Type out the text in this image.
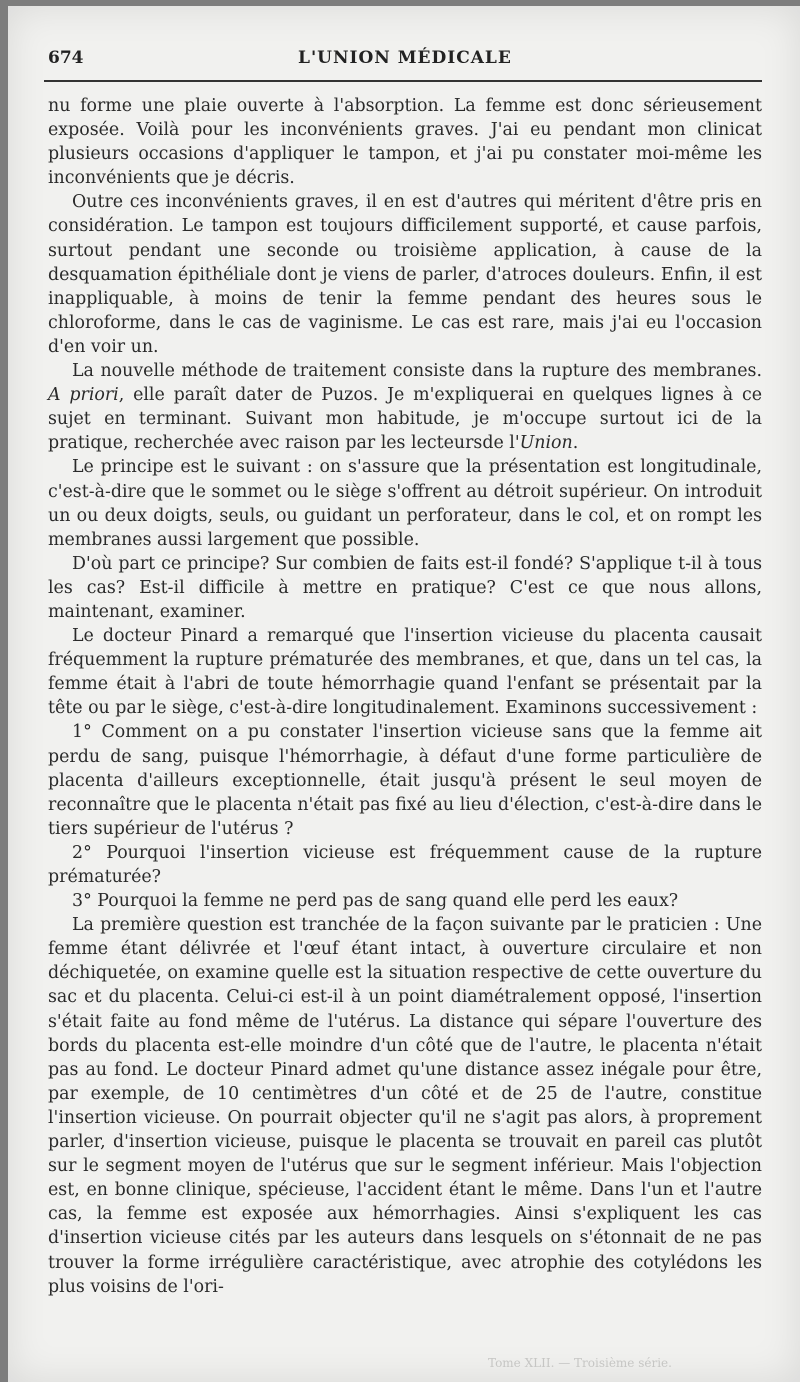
674	L'UNION MÉDICALE

nu forme une plaie ouverte à l'absorption. La femme est donc sérieusement exposée. Voilà pour les inconvénients graves. J'ai eu pendant mon clinicat plusieurs occasions d'appliquer le tampon, et j'ai pu constater moi-même les inconvénients que je décris.

Outre ces inconvénients graves, il en est d'autres qui méritent d'être pris en considération. Le tampon est toujours difficilement supporté, et cause parfois, surtout pendant une seconde ou troisième application, à cause de la desquamation épithéliale dont je viens de parler, d'atroces douleurs. Enfin, il est inappliquable, à moins de tenir la femme pendant des heures sous le chloroforme, dans le cas de vaginisme. Le cas est rare, mais j'ai eu l'occasion d'en voir un.

La nouvelle méthode de traitement consiste dans la rupture des membranes. A priori, elle paraît dater de Puzos. Je m'expliquerai en quelques lignes à ce sujet en terminant. Suivant mon habitude, je m'occupe surtout ici de la pratique, recherchée avec raison par les lecteursde l'Union.

Le principe est le suivant : on s'assure que la présentation est longitudinale, c'est-à-dire que le sommet ou le siège s'offrent au détroit supérieur. On introduit un ou deux doigts, seuls, ou guidant un perforateur, dans le col, et on rompt les membranes aussi largement que possible.

D'où part ce principe? Sur combien de faits est-il fondé? S'applique t-il à tous les cas? Est-il difficile à mettre en pratique? C'est ce que nous allons, maintenant, examiner.

Le docteur Pinard a remarqué que l'insertion vicieuse du placenta causait fréquemment la rupture prématurée des membranes, et que, dans un tel cas, la femme était à l'abri de toute hémorrhagie quand l'enfant se présentait par la tête ou par le siège, c'est-à-dire longitudinalement. Examinons successivement :

1° Comment on a pu constater l'insertion vicieuse sans que la femme ait perdu de sang, puisque l'hémorrhagie, à défaut d'une forme particulière de placenta d'ailleurs exceptionnelle, était jusqu'à présent le seul moyen de reconnaître que le placenta n'était pas fixé au lieu d'élection, c'est-à-dire dans le tiers supérieur de l'utérus ?

2° Pourquoi l'insertion vicieuse est fréquemment cause de la rupture prématurée?

3° Pourquoi la femme ne perd pas de sang quand elle perd les eaux?

La première question est tranchée de la façon suivante par le praticien : Une femme étant délivrée et l'œuf étant intact, à ouverture circulaire et non déchiquetée, on examine quelle est la situation respective de cette ouverture du sac et du placenta. Celui-ci est-il à un point diamétralement opposé, l'insertion s'était faite au fond même de l'utérus. La distance qui sépare l'ouverture des bords du placenta est-elle moindre d'un côté que de l'autre, le placenta n'était pas au fond. Le docteur Pinard admet qu'une distance assez inégale pour être, par exemple, de 10 centimètres d'un côté et de 25 de l'autre, constitue l'insertion vicieuse. On pourrait objecter qu'il ne s'agit pas alors, à proprement parler, d'insertion vicieuse, puisque le placenta se trouvait en pareil cas plutôt sur le segment moyen de l'utérus que sur le segment inférieur. Mais l'objection est, en bonne clinique, spécieuse, l'accident étant le même. Dans l'un et l'autre cas, la femme est exposée aux hémorrhagies. Ainsi s'expliquent les cas d'insertion vicieuse cités par les auteurs dans lesquels on s'étonnait de ne pas trouver la forme irrégulière caractéristique, avec atrophie des cotylédons les plus voisins de l'ori-

Tome XLII. — Troisième série.
